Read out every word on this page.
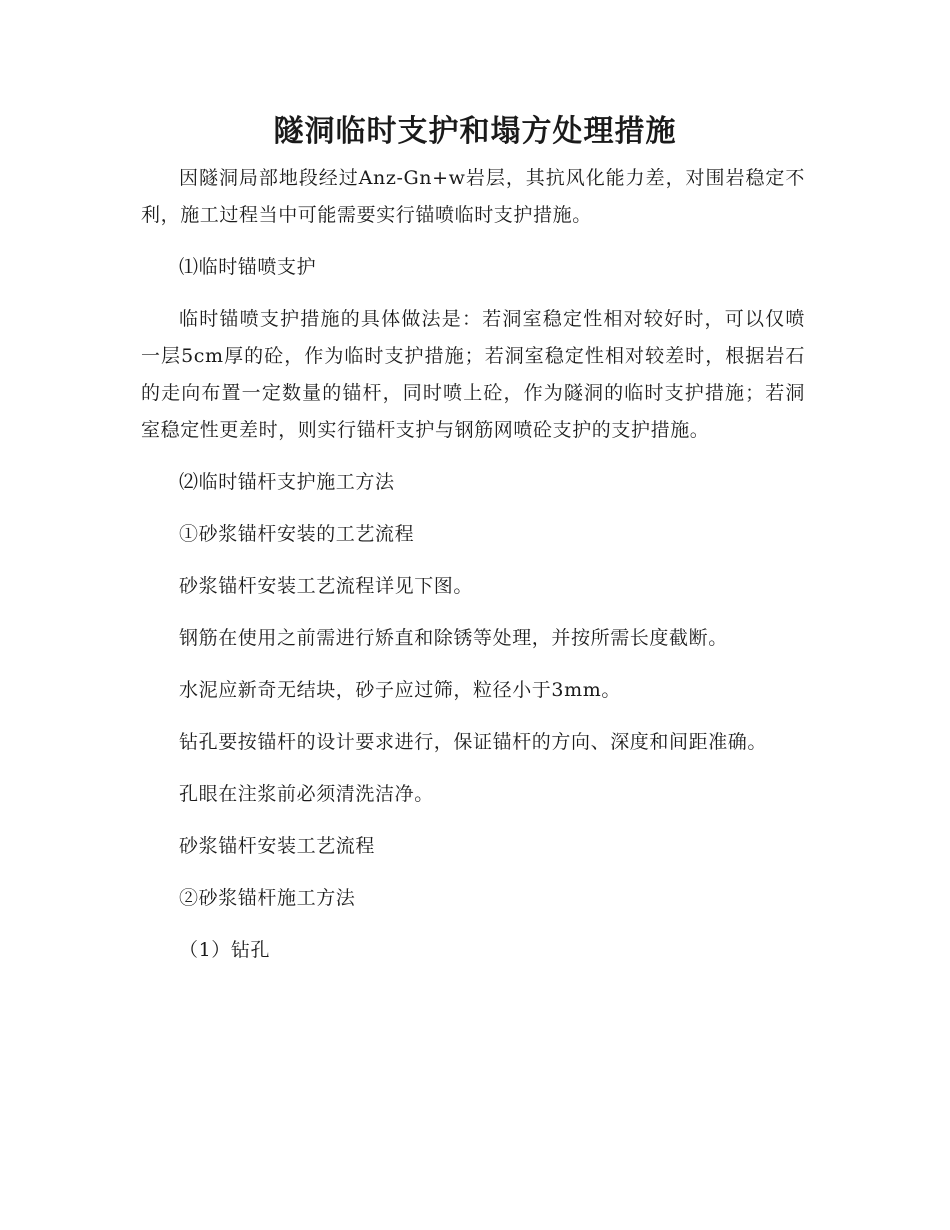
隧洞临时支护和塌方处理措施

因隧洞局部地段经过Anz-Gn+w岩层，其抗风化能力差，对围岩稳定不利，施工过程当中可能需要实行锚喷临时支护措施。

⑴临时锚喷支护

临时锚喷支护措施的具体做法是：若洞室稳定性相对较好时，可以仅喷一层5cm厚的砼，作为临时支护措施；若洞室稳定性相对较差时，根据岩石的走向布置一定数量的锚杆，同时喷上砼，作为隧洞的临时支护措施；若洞室稳定性更差时，则实行锚杆支护与钢筋网喷砼支护的支护措施。

⑵临时锚杆支护施工方法

①砂浆锚杆安装的工艺流程

砂浆锚杆安装工艺流程详见下图。

钢筋在使用之前需进行矫直和除锈等处理，并按所需长度截断。

水泥应新奇无结块，砂子应过筛，粒径小于3mm。

钻孔要按锚杆的设计要求进行，保证锚杆的方向、深度和间距准确。

孔眼在注浆前必须清洗洁净。

砂浆锚杆安装工艺流程

②砂浆锚杆施工方法

（1）钻孔
